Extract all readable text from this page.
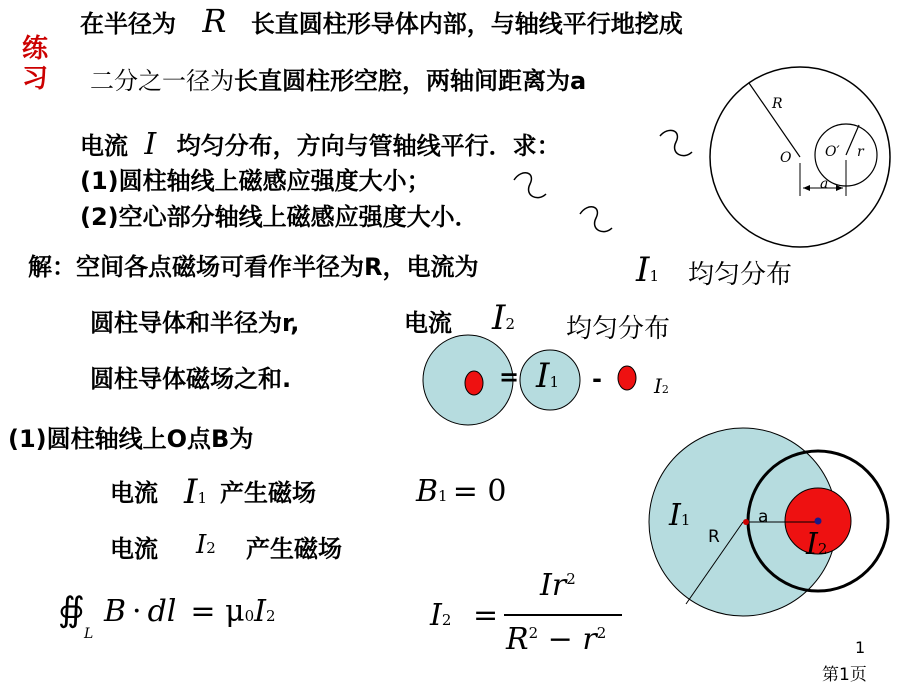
练
习
在半径为 R 长直圆柱形导体内部，与轴线平行地挖成
二分之一径为长直圆柱形空腔，两轴间距离为a
电流 I 均匀分布，方向与管轴线平行．求：
(1)圆柱轴线上磁感应强度大小；
(2)空心部分轴线上磁感应强度大小．
解：空间各点磁场可看作半径为R，电流为	I1 均匀分布
圆柱导体和半径为r,	电流 I2 均匀分布
圆柱导体磁场之和.	=	-
I1	I2
(1)圆柱轴线上O点B为
电流 I1 产生磁场	B1 = 0
电流 I2 产生磁场
∯ B · dl = μ0I2
L
I2 =
$Ir^2$
$R^2 - r^2$
R
O O′ r
a
I1
R
a
I2
1
第1页
